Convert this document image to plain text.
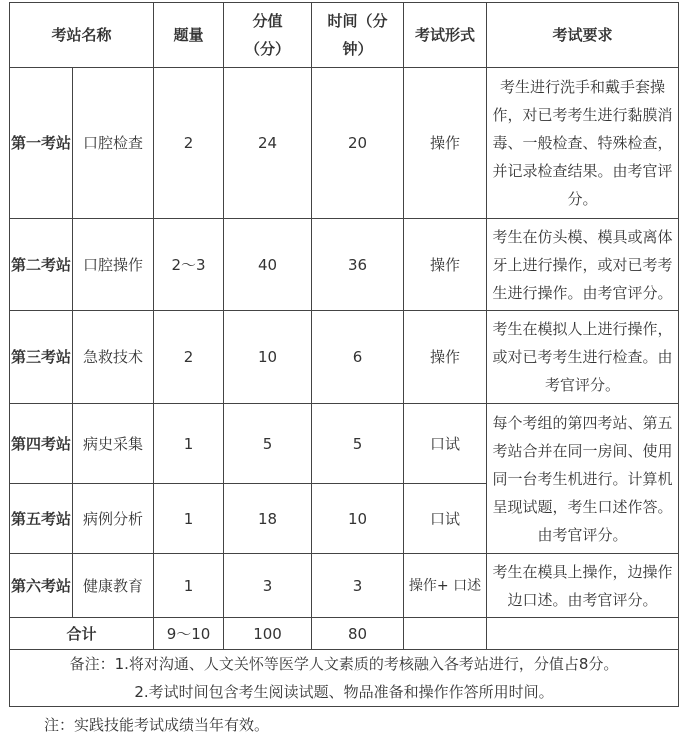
考站名称		题量	分值（分）	时间（分钟）	考试形式	考试要求
第一考站	口腔检查	2	24	20	操作	考生进行洗手和戴手套操作，对已考考生进行黏膜消毒、一般检查、特殊检查，并记录检查结果。由考官评分。
第二考站	口腔操作	2～3	40	36	操作	考生在仿头模、模具或离体牙上进行操作，或对已考考生进行操作。由考官评分。
第三考站	急救技术	2	10	6	操作	考生在模拟人上进行操作，或对已考考生进行检查。由考官评分。
第四考站	病史采集	1	5	5	口试	每个考组的第四考站、第五考站合并在同一房间、使用同一台考生机进行。计算机呈现试题，考生口述作答。由考官评分。
第五考站	病例分析	1	18	10	口试	
第六考站	健康教育	1	3	3	操作+ 口述	考生在模具上操作，边操作边口述。由考官评分。
合计		9～10	100	80		

备注：1.将对沟通、人文关怀等医学人文素质的考核融入各考站进行，分值占8分。

2.考试时间包含考生阅读试题、物品准备和操作作答所用时间。						

注：实践技能考试成绩当年有效。
